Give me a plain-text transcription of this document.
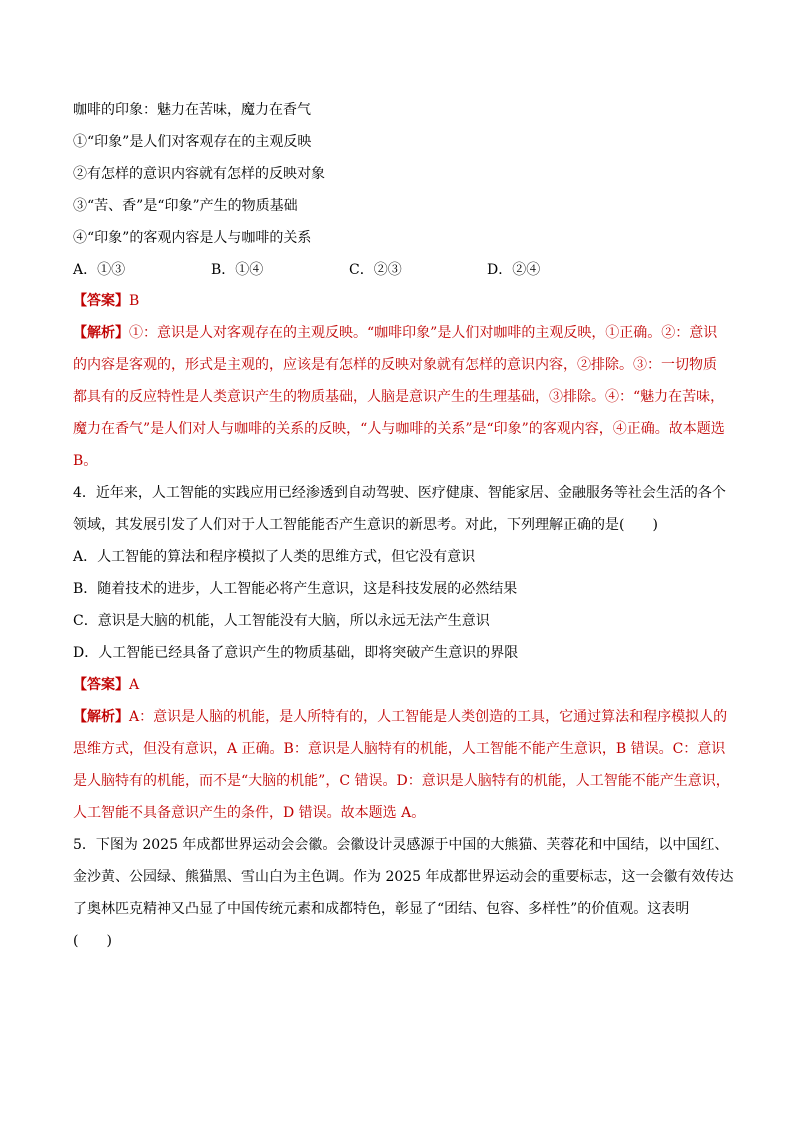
咖啡的印象：魅力在苦味，魔力在香气
①“印象”是人们对客观存在的主观反映
②有怎样的意识内容就有怎样的反映对象
③“苦、香”是“印象”产生的物质基础
④“印象”的客观内容是人与咖啡的关系
A．①③	B．①④	C．②③	D．②④
【答案】B
【解析】①：意识是人对客观存在的主观反映。“咖啡印象”是人们对咖啡的主观反映，①正确。②：意识
的内容是客观的，形式是主观的，应该是有怎样的反映对象就有怎样的意识内容，②排除。③：一切物质
都具有的反应特性是人类意识产生的物质基础，人脑是意识产生的生理基础，③排除。④：“魅力在苦味，
魔力在香气”是人们对人与咖啡的关系的反映，“人与咖啡的关系”是“印象”的客观内容，④正确。故本题选
B。
4．近年来，人工智能的实践应用已经渗透到自动驾驶、医疗健康、智能家居、金融服务等社会生活的各个
领域，其发展引发了人们对于人工智能能否产生意识的新思考。对此，下列理解正确的是(　　)
A．人工智能的算法和程序模拟了人类的思维方式，但它没有意识
B．随着技术的进步，人工智能必将产生意识，这是科技发展的必然结果
C．意识是大脑的机能，人工智能没有大脑，所以永远无法产生意识
D．人工智能已经具备了意识产生的物质基础，即将突破产生意识的界限
【答案】A
【解析】A：意识是人脑的机能，是人所特有的，人工智能是人类创造的工具，它通过算法和程序模拟人的
思维方式，但没有意识，A 正确。B：意识是人脑特有的机能，人工智能不能产生意识，B 错误。C：意识
是人脑特有的机能，而不是“大脑的机能”，C 错误。D：意识是人脑特有的机能，人工智能不能产生意识，
人工智能不具备意识产生的条件，D 错误。故本题选 A。
5．下图为 2025 年成都世界运动会会徽。会徽设计灵感源于中国的大熊猫、芙蓉花和中国结，以中国红、
金沙黄、公园绿、熊猫黑、雪山白为主色调。作为 2025 年成都世界运动会的重要标志，这一会徽有效传达
了奥林匹克精神又凸显了中国传统元素和成都特色，彰显了“团结、包容、多样性”的价值观。这表明
(　　)
